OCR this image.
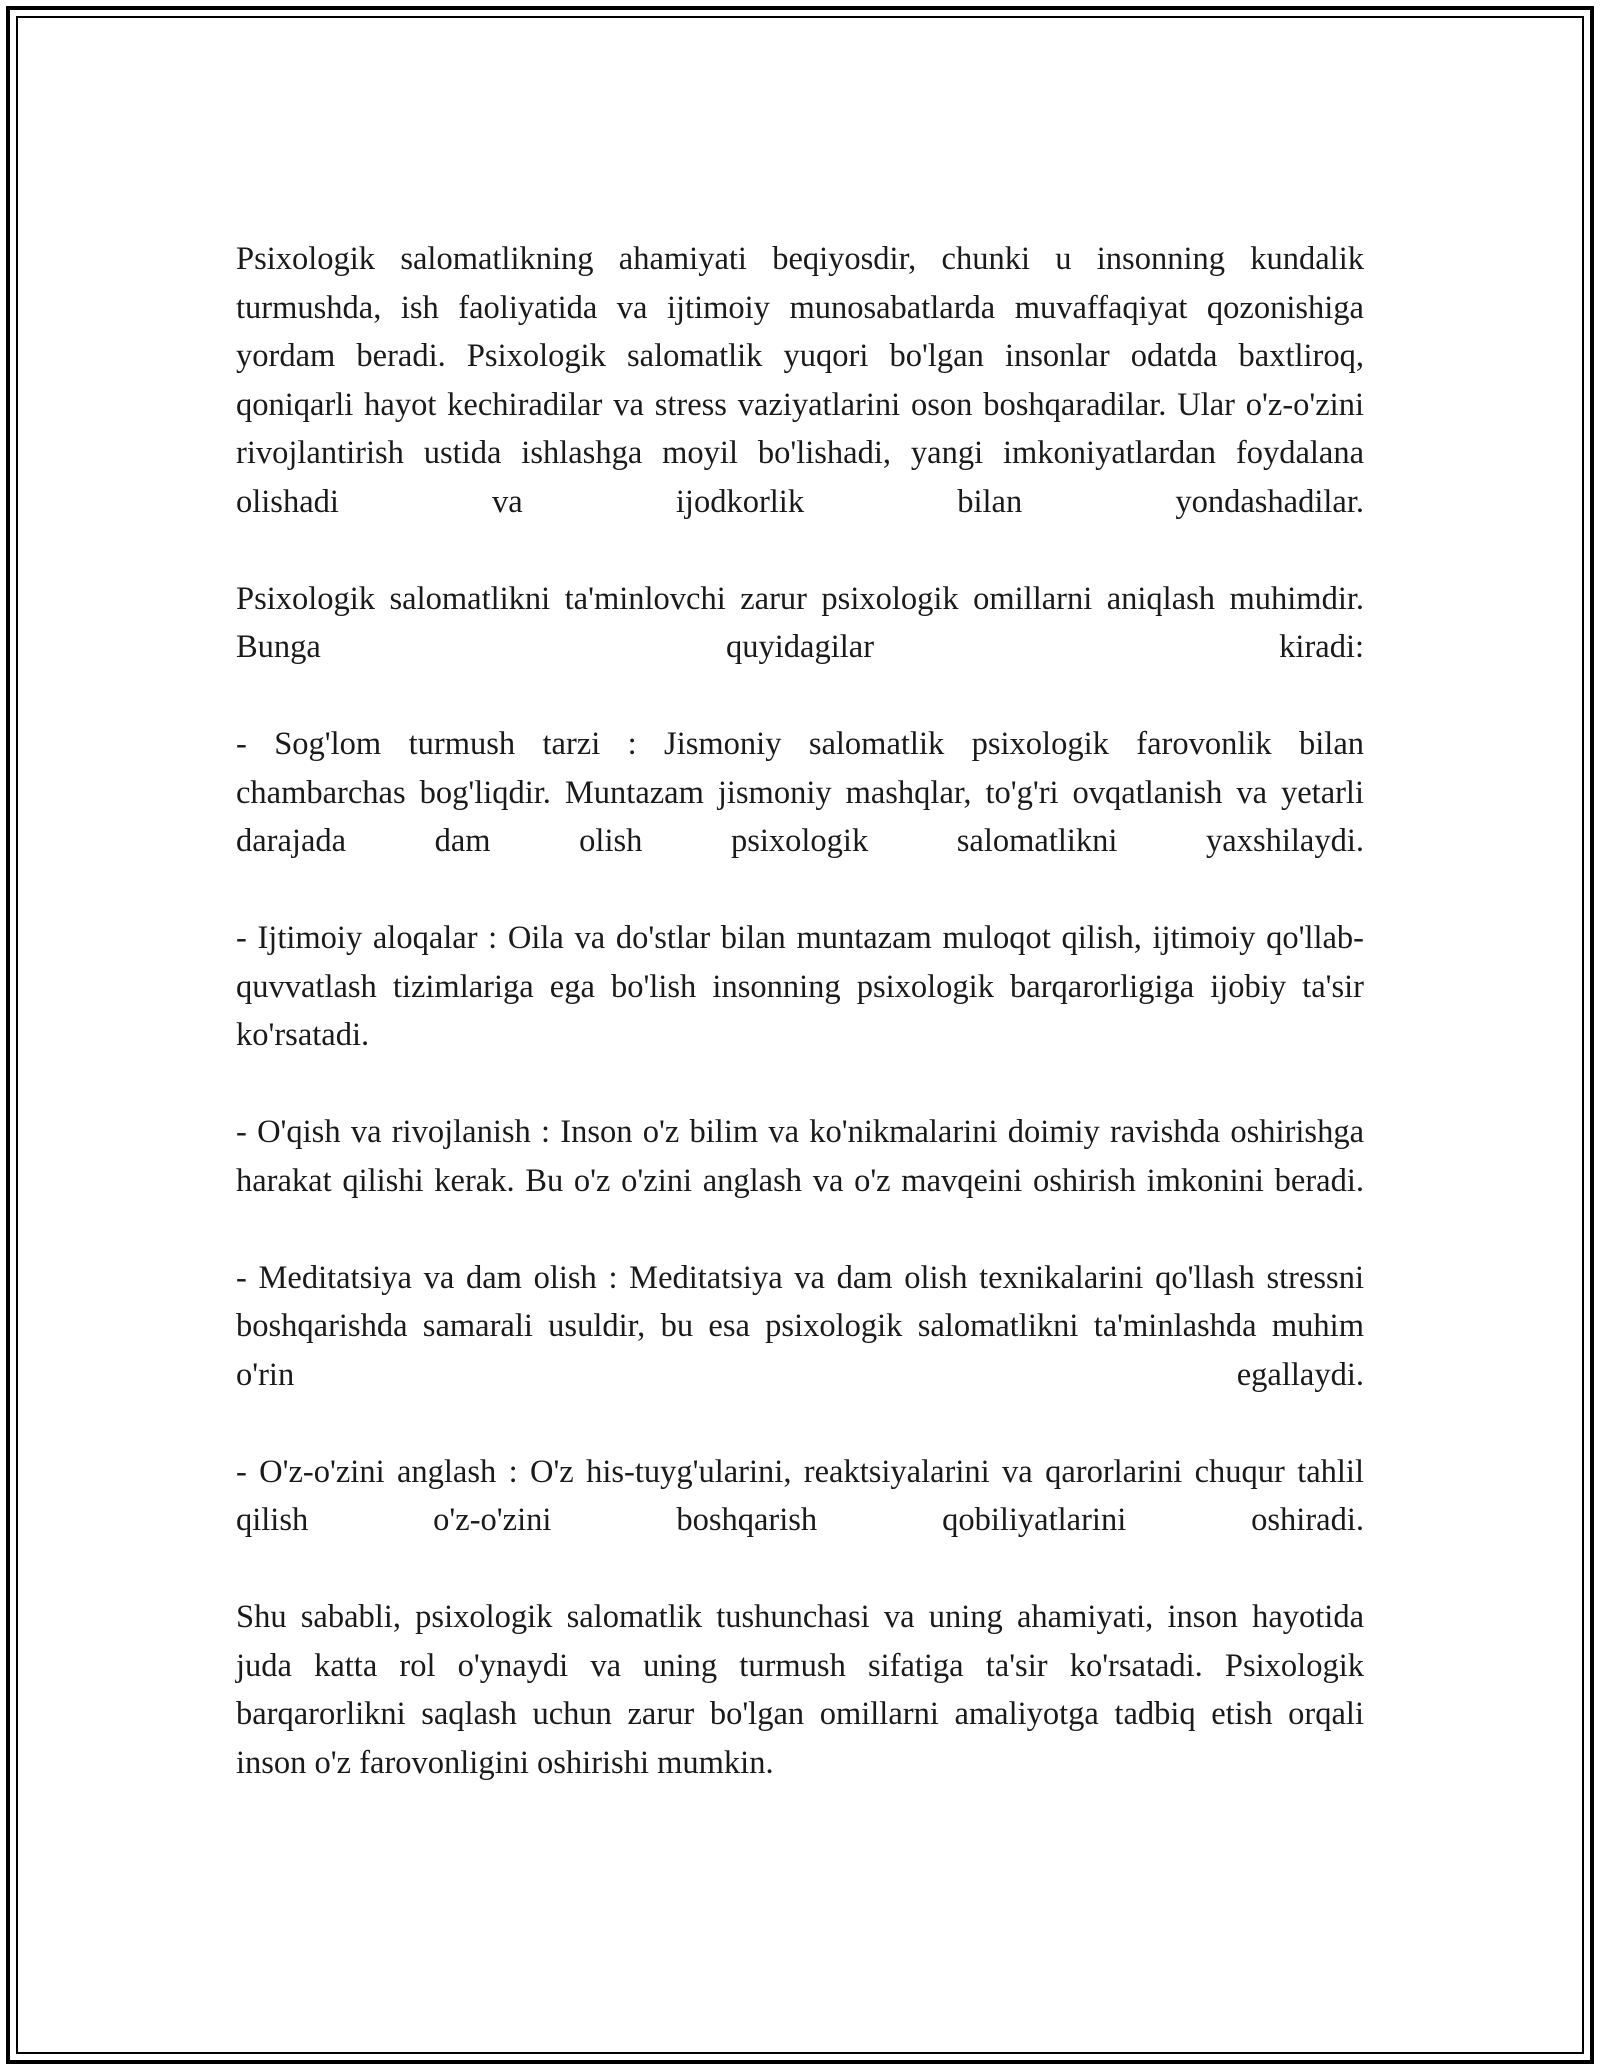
Psixologik salomatlikning ahamiyati beqiyosdir, chunki u insonning kundalik turmushda, ish faoliyatida va ijtimoiy munosabatlarda muvaffaqiyat qozonishiga yordam beradi. Psixologik salomatlik yuqori bo'lgan insonlar odatda baxtliroq, qoniqarli hayot kechiradilar va stress vaziyatlarini oson boshqaradilar. Ular o'z-o'zini rivojlantirish ustida ishlashga moyil bo'lishadi, yangi imkoniyatlardan foydalana olishadi va ijodkorlik bilan yondashadilar.

Psixologik salomatlikni ta'minlovchi zarur psixologik omillarni aniqlash muhimdir. Bunga quyidagilar kiradi:

- Sog'lom turmush tarzi : Jismoniy salomatlik psixologik farovonlik bilan chambarchas bog'liqdir. Muntazam jismoniy mashqlar, to'g'ri ovqatlanish va yetarli darajada dam olish psixologik salomatlikni yaxshilaydi.

- Ijtimoiy aloqalar : Oila va do'stlar bilan muntazam muloqot qilish, ijtimoiy qo'llab-quvvatlash tizimlariga ega bo'lish insonning psixologik barqarorligiga ijobiy ta'sir ko'rsatadi.

- O'qish va rivojlanish : Inson o'z bilim va ko'nikmalarini doimiy ravishda oshirishga harakat qilishi kerak. Bu o'z o'zini anglash va o'z mavqeini oshirish imkonini beradi.

- Meditatsiya va dam olish : Meditatsiya va dam olish texnikalarini qo'llash stressni boshqarishda samarali usuldir, bu esa psixologik salomatlikni ta'minlashda muhim o'rin egallaydi.

- O'z-o'zini anglash : O'z his-tuyg'ularini, reaktsiyalarini va qarorlarini chuqur tahlil qilish o'z-o'zini boshqarish qobiliyatlarini oshiradi.

Shu sababli, psixologik salomatlik tushunchasi va uning ahamiyati, inson hayotida juda katta rol o'ynaydi va uning turmush sifatiga ta'sir ko'rsatadi. Psixologik barqarorlikni saqlash uchun zarur bo'lgan omillarni amaliyotga tadbiq etish orqali inson o'z farovonligini oshirishi mumkin.
